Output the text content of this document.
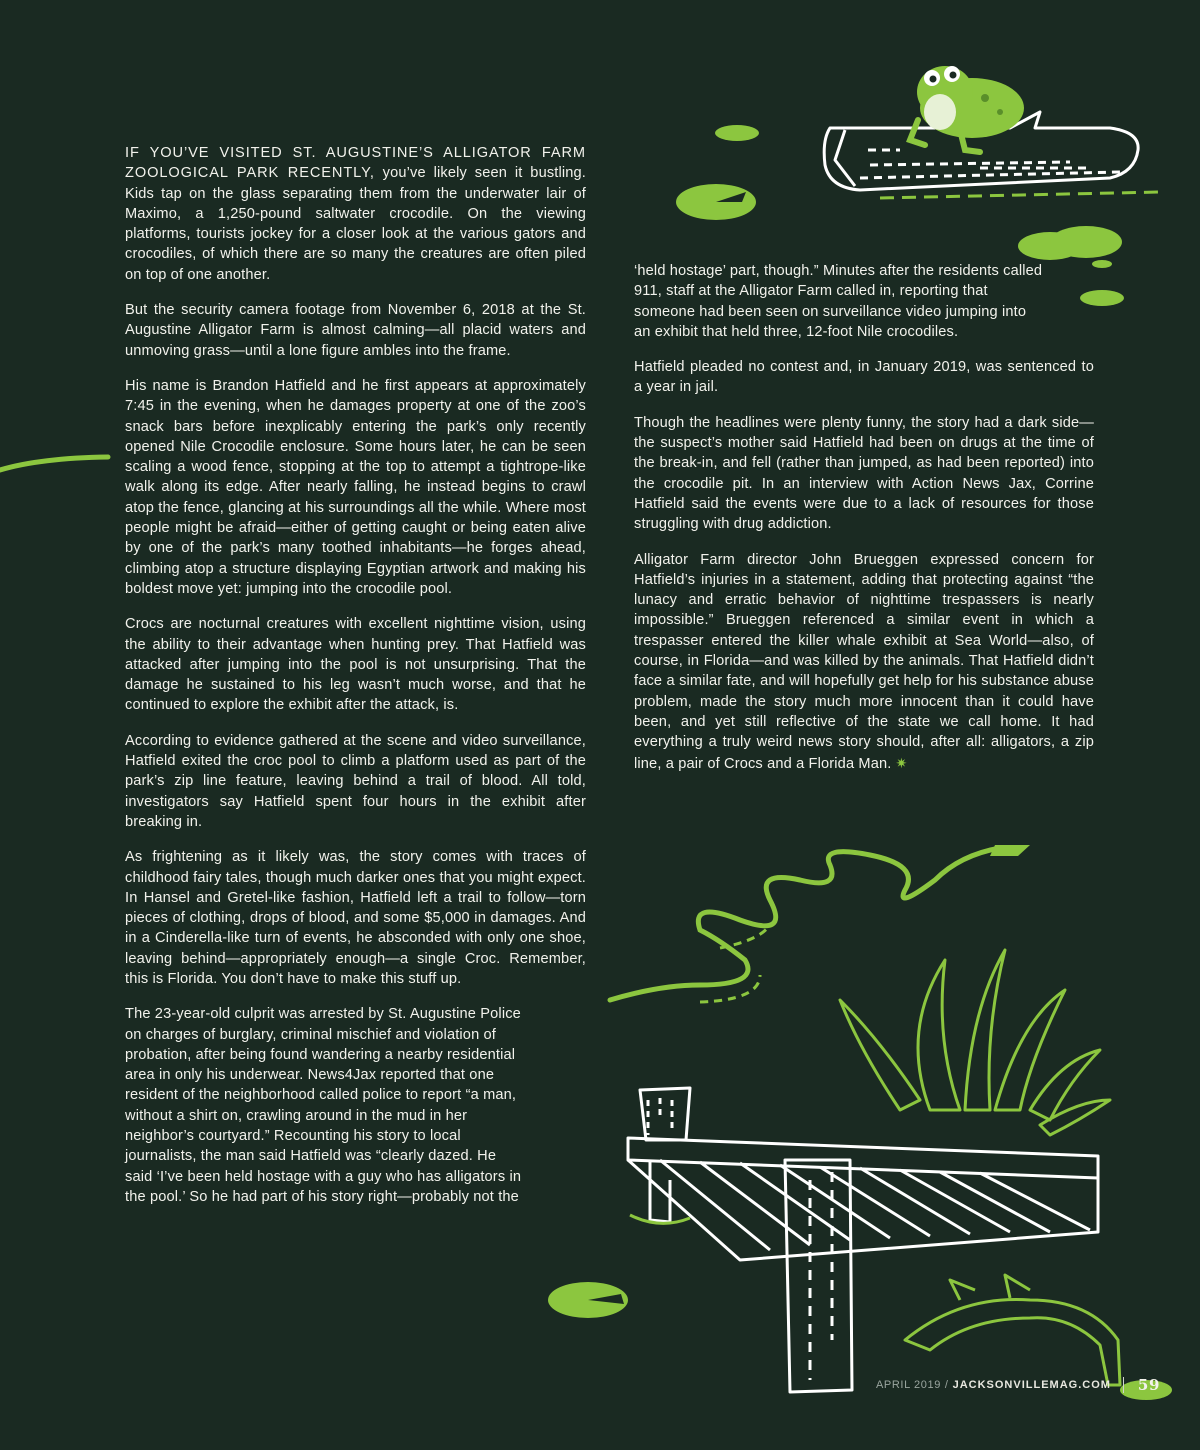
IF YOU’VE VISITED ST. AUGUSTINE’S ALLIGATOR FARM ZOOLOGICAL PARK RECENTLY, you’ve likely seen it bustling. Kids tap on the glass separating them from the underwater lair of Maximo, a 1,250-pound saltwater crocodile. On the viewing platforms, tourists jockey for a closer look at the various gators and crocodiles, of which there are so many the creatures are often piled on top of one another.

But the security camera footage from November 6, 2018 at the St. Augustine Alligator Farm is almost calming—all placid waters and unmoving grass—until a lone figure ambles into the frame.

His name is Brandon Hatfield and he first appears at approximately 7:45 in the evening, when he damages property at one of the zoo’s snack bars before inexplicably entering the park’s only recently opened Nile Crocodile enclosure. Some hours later, he can be seen scaling a wood fence, stopping at the top to attempt a tightrope-like walk along its edge. After nearly falling, he instead begins to crawl atop the fence, glancing at his surroundings all the while. Where most people might be afraid—either of getting caught or being eaten alive by one of the park’s many toothed inhabitants—he forges ahead, climbing atop a structure displaying Egyptian artwork and making his boldest move yet: jumping into the crocodile pool.

Crocs are nocturnal creatures with excellent nighttime vision, using the ability to their advantage when hunting prey. That Hatfield was attacked after jumping into the pool is not unsurprising. That the damage he sustained to his leg wasn’t much worse, and that he continued to explore the exhibit after the attack, is.

According to evidence gathered at the scene and video surveillance, Hatfield exited the croc pool to climb a platform used as part of the park’s zip line feature, leaving behind a trail of blood. All told, investigators say Hatfield spent four hours in the exhibit after breaking in.

As frightening as it likely was, the story comes with traces of childhood fairy tales, though much darker ones that you might expect. In Hansel and Gretel-like fashion, Hatfield left a trail to follow—torn pieces of clothing, drops of blood, and some $5,000 in damages. And in a Cinderella-like turn of events, he absconded with only one shoe, leaving behind—appropriately enough—a single Croc. Remember, this is Florida. You don’t have to make this stuff up.

The 23-year-old culprit was arrested by St. Augustine Police on charges of burglary, criminal mischief and violation of probation, after being found wandering a nearby residential area in only his underwear. News4Jax reported that one resident of the neighborhood called police to report “a man, without a shirt on, crawling around in the mud in her neighbor’s courtyard.” Recounting his story to local journalists, the man said Hatfield was “clearly dazed. He said ‘I’ve been held hostage with a guy who has alligators in the pool.’ So he had part of his story right—probably not the

‘held hostage’ part, though.” Minutes after the residents called 911, staff at the Alligator Farm called in, reporting that someone had been seen on surveillance video jumping into an exhibit that held three, 12-foot Nile crocodiles.

Hatfield pleaded no contest and, in January 2019, was sentenced to a year in jail.

Though the headlines were plenty funny, the story had a dark side—the suspect’s mother said Hatfield had been on drugs at the time of the break-in, and fell (rather than jumped, as had been reported) into the crocodile pit. In an interview with Action News Jax, Corrine Hatfield said the events were due to a lack of resources for those struggling with drug addiction.

Alligator Farm director John Brueggen expressed concern for Hatfield’s injuries in a statement, adding that protecting against “the lunacy and erratic behavior of nighttime trespassers is nearly impossible.” Brueggen referenced a similar event in which a trespasser entered the killer whale exhibit at Sea World—also, of course, in Florida—and was killed by the animals. That Hatfield didn’t face a similar fate, and will hopefully get help for his substance abuse problem, made the story much more innocent than it could have been, and yet still reflective of the state we call home. It had everything a truly weird news story should, after all: alligators, a zip line, a pair of Crocs and a Florida Man. ✷

APRIL 2019 / JACKSONVILLEMAG.COM 59
